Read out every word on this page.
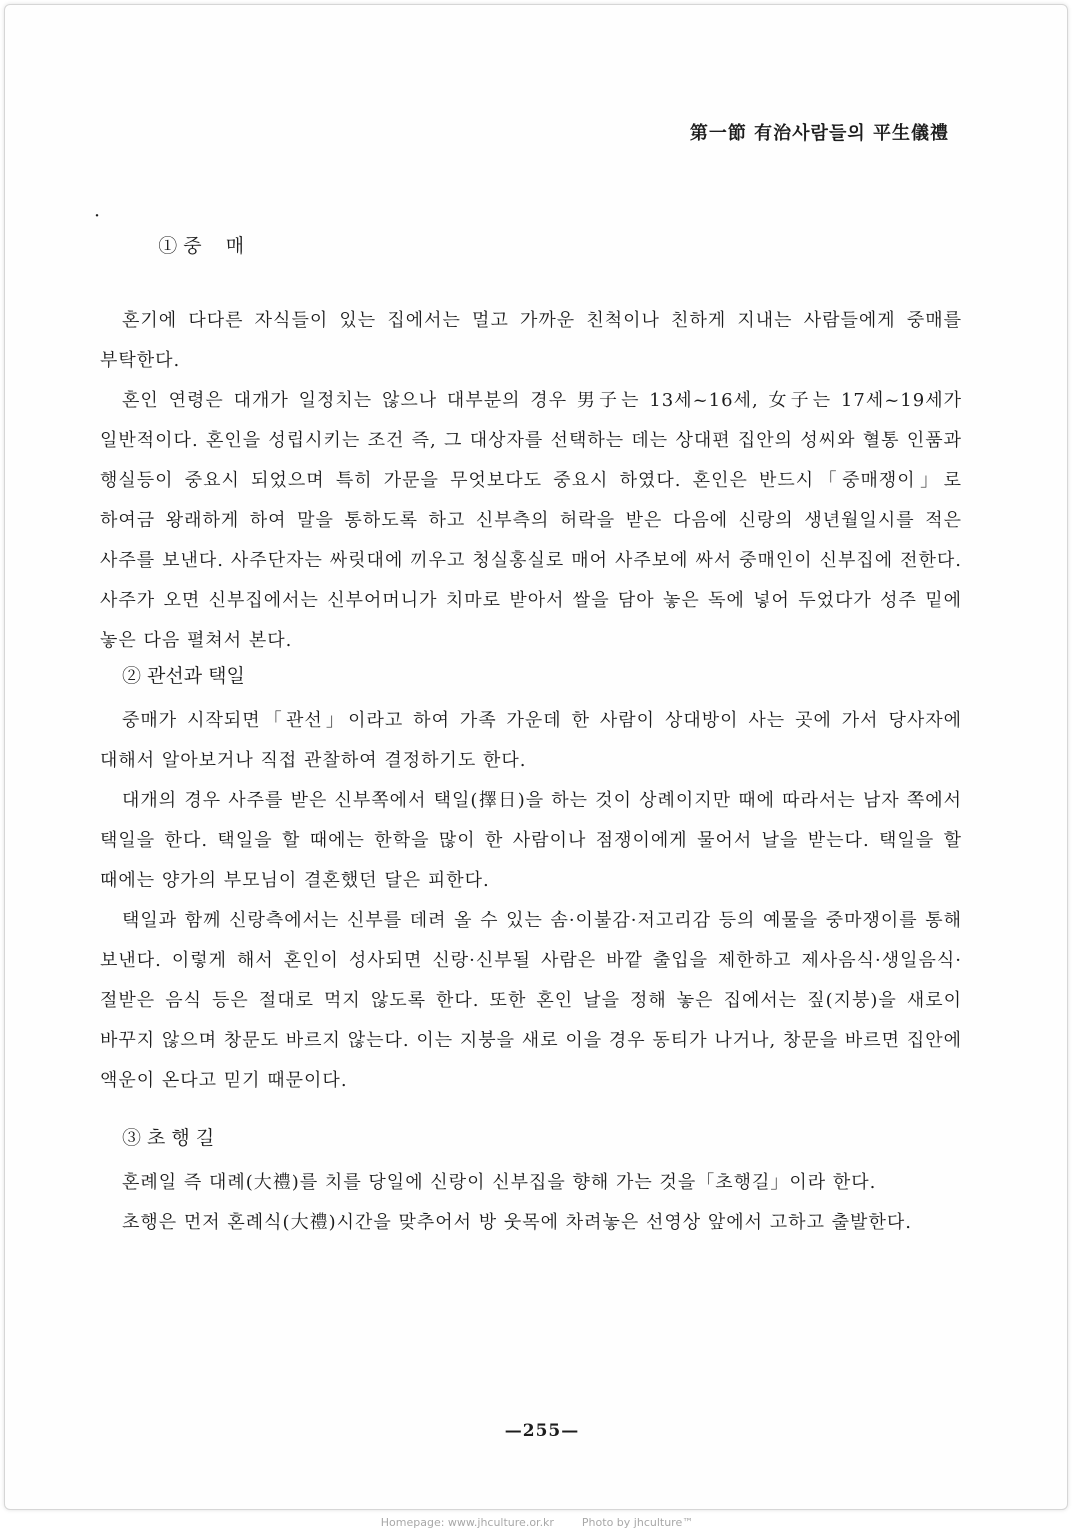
第一節 有治사람들의 平生儀禮

·
① 중    매

혼기에 다다른 자식들이 있는 집에서는 멀고 가까운 친척이나 친하게 지내는 사람들에게 중매를 부탁한다.

혼인 연령은 대개가 일정치는 않으나 대부분의 경우 男子는 13세~16세, 女子는 17세~19세가 일반적이다. 혼인을 성립시키는 조건 즉, 그 대상자를 선택하는 데는 상대편 집안의 성씨와 혈통 인품과 행실등이 중요시 되었으며 특히 가문을 무엇보다도 중요시 하였다. 혼인은 반드시「중매쟁이」로 하여금 왕래하게 하여 말을 통하도록 하고 신부측의 허락을 받은 다음에 신랑의 생년월일시를 적은 사주를 보낸다. 사주단자는 싸릿대에 끼우고 청실홍실로 매어 사주보에 싸서 중매인이 신부집에 전한다. 사주가 오면 신부집에서는 신부어머니가 치마로 받아서 쌀을 담아 놓은 독에 넣어 두었다가 성주 밑에 놓은 다음 펼쳐서 본다.

② 관선과 택일

중매가 시작되면「관선」이라고 하여 가족 가운데 한 사람이 상대방이 사는 곳에 가서 당사자에 대해서 알아보거나 직접 관찰하여 결정하기도 한다.

대개의 경우 사주를 받은 신부쪽에서 택일(擇日)을 하는 것이 상례이지만 때에 따라서는 남자 쪽에서 택일을 한다. 택일을 할 때에는 한학을 많이 한 사람이나 점쟁이에게 물어서 날을 받는다. 택일을 할 때에는 양가의 부모님이 결혼했던 달은 피한다.

택일과 함께 신랑측에서는 신부를 데려 올 수 있는 솜·이불감·저고리감 등의 예물을 중마쟁이를 통해 보낸다. 이렇게 해서 혼인이 성사되면 신랑·신부될 사람은 바깥 출입을 제한하고 제사음식·생일음식·절받은 음식 등은 절대로 먹지 않도록 한다. 또한 혼인 날을 정해 놓은 집에서는 짚(지붕)을 새로이 바꾸지 않으며 창문도 바르지 않는다. 이는 지붕을 새로 이을 경우 동티가 나거나, 창문을 바르면 집안에 액운이 온다고 믿기 때문이다.

③ 초 행 길

혼례일 즉 대례(大禮)를 치를 당일에 신랑이 신부집을 향해 가는 것을「초행길」이라 한다.

초행은 먼저 혼례식(大禮)시간을 맞추어서 방 웃목에 차려놓은 선영상 앞에서 고하고 출발한다.

—255—
Homepage: www.jhculture.or.kr        Photo by jhculture™
